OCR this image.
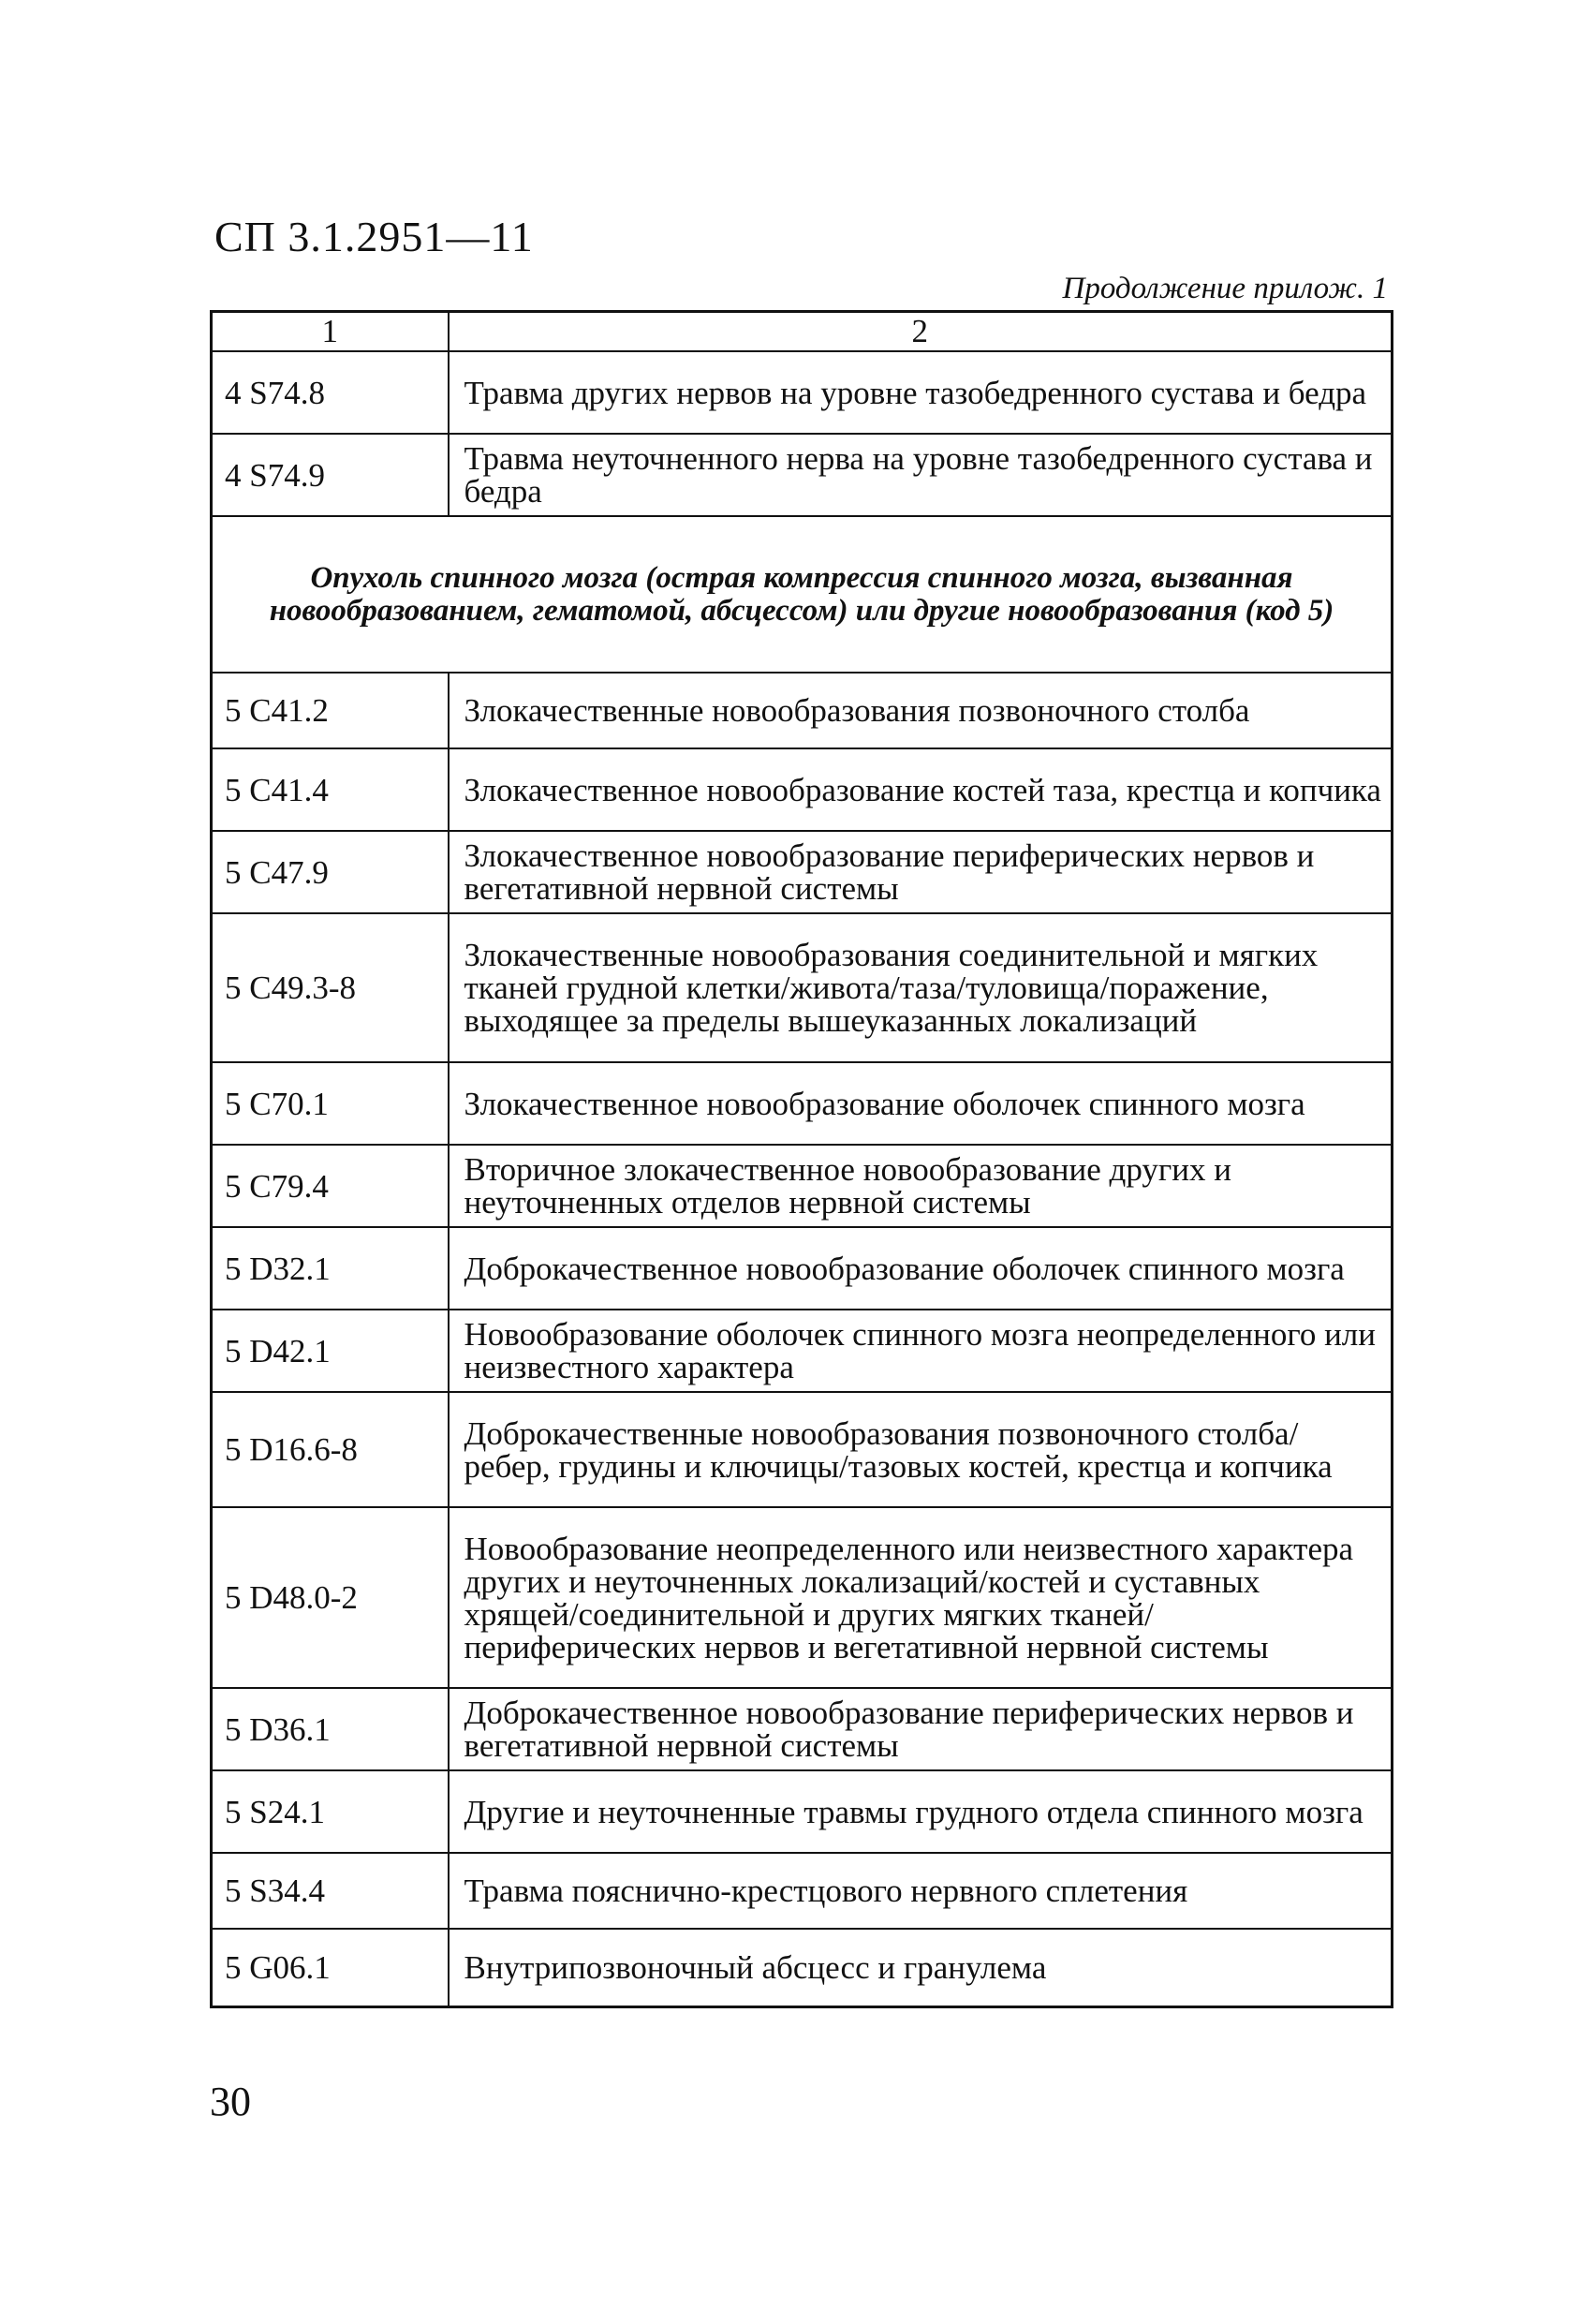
СП 3.1.2951—11
Продолжение прилож. 1
1	2
4 S74.8	Травма других нервов на уровне тазобедренного сустава и бедра
4 S74.9	Травма неуточненного нерва на уровне тазобедренного сустава и бедра
Опухоль спинного мозга (острая компрессия спинного мозга, вызванная новообразованием, гематомой, абсцессом) или другие новообразования (код 5)	
5 C41.2	Злокачественные новообразования позвоночного столба
5 C41.4	Злокачественное новообразование костей таза, крестца и копчика
5 C47.9	Злокачественное новообразование периферических нервов и вегетативной нервной системы
5 C49.3-8	Злокачественные новообразования соединительной и мягких тканей грудной клетки/живота/таза/туловища/поражение, выходящее за пределы вышеуказанных локализаций
5 C70.1	Злокачественное новообразование оболочек спинного мозга
5 C79.4	Вторичное злокачественное новообразование других и неуточненных отделов нервной системы
5 D32.1	Доброкачественное новообразование оболочек спинного мозга
5 D42.1	Новообразование оболочек спинного мозга неопределенного или неизвестного характера
5 D16.6-8	Доброкачественные новообразования позвоночного столба/ребер, грудины и ключицы/тазовых костей, крестца и копчика
5 D48.0-2	Новообразование неопределенного или неизвестного характера других и неуточненных локализаций/костей и суставных хрящей/соединительной и других мягких тканей/периферических нервов и вегетативной нервной системы
5 D36.1	Доброкачественное новообразование периферических нервов и вегетативной нервной системы
5 S24.1	Другие и неуточненные травмы грудного отдела спинного мозга
5 S34.4	Травма пояснично-крестцового нервного сплетения
5 G06.1	Внутрипозвоночный абсцесс и гранулема
30
